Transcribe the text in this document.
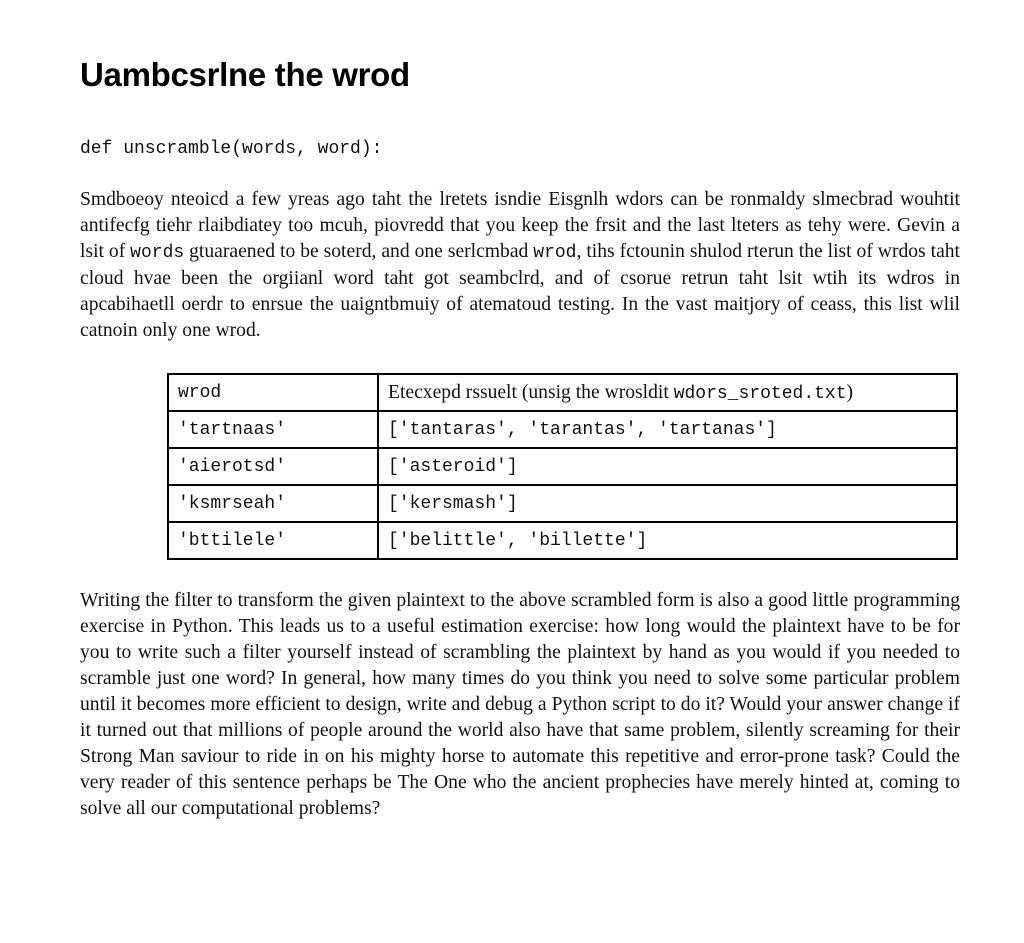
Uambcsrlne the wrod
def unscramble(words, word):

Smdboeoy nteoicd a few yreas ago taht the lretets isndie Eisgnlh wdors can be ronmaldy slmecbrad wouhtit antifecfg tiehr rlaibdiatey too mcuh, piovredd that you keep the frsit and the last lteters as tehy were. Gevin a lsit of words gtuaraened to be soterd, and one serlcmbad wrod, tihs fctounin shulod rterun the list of wrdos taht cloud hvae been the orgiianl word taht got seambclrd, and of csorue retrun taht lsit wtih its wdros in apcabihaetll oerdr to enrsue the uaigntbmuiy of atematoud testing. In the vast maitjory of ceass, this list wlil catnoin only one wrod.

wrod	Etecxepd rssuelt (unsig the wrosldit wdors_sroted.txt)
'tartnaas'	['tantaras', 'tarantas', 'tartanas']
'aierotsd'	['asteroid']
'ksmrseah'	['kersmash']
'bttilele'	['belittle', 'billette']

Writing the filter to transform the given plaintext to the above scrambled form is also a good little programming exercise in Python. This leads us to a useful estimation exercise: how long would the plaintext have to be for you to write such a filter yourself instead of scrambling the plaintext by hand as you would if you needed to scramble just one word? In general, how many times do you think you need to solve some particular problem until it becomes more efficient to design, write and debug a Python script to do it? Would your answer change if it turned out that millions of people around the world also have that same problem, silently screaming for their Strong Man saviour to ride in on his mighty horse to automate this repetitive and error-prone task? Could the very reader of this sentence perhaps be The One who the ancient prophecies have merely hinted at, coming to solve all our computational problems?
